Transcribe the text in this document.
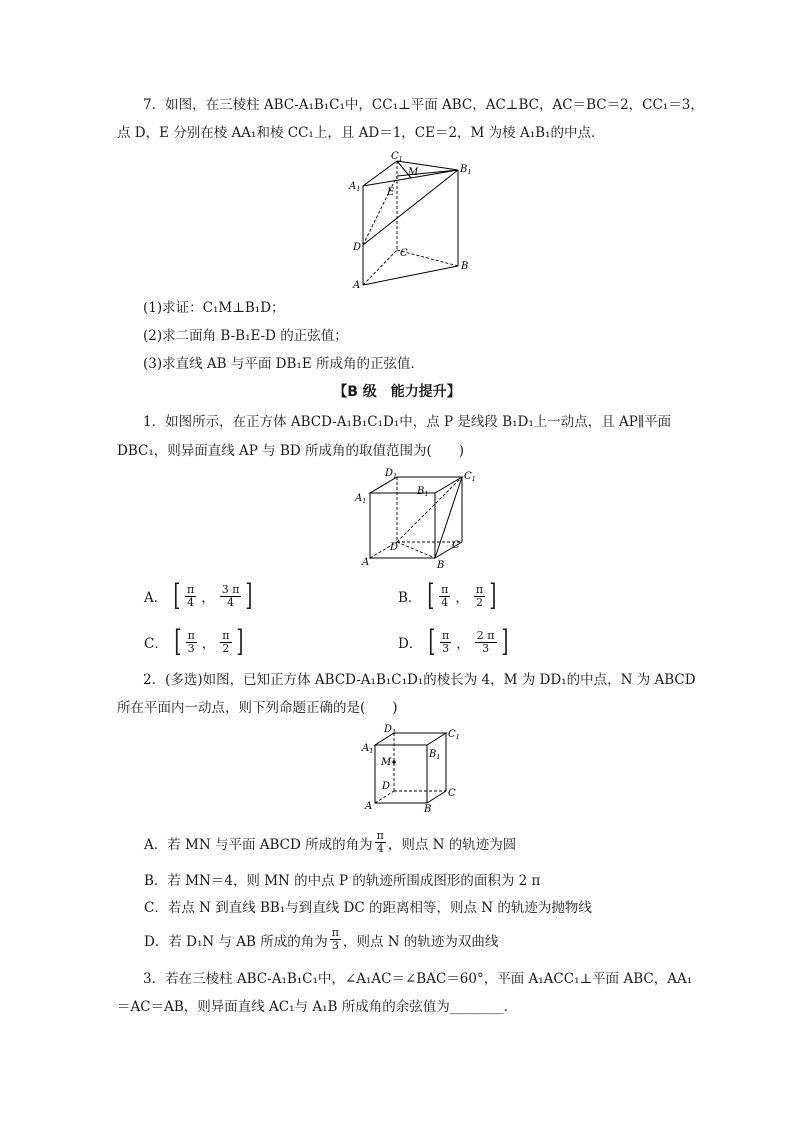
7．如图，在三棱柱 ABC-A₁B₁C₁中，CC₁⊥平面 ABC，AC⊥BC，AC＝BC＝2，CC₁＝3，
点 D，E 分别在棱 AA₁和棱 CC₁上，且 AD＝1，CE＝2，M 为棱 A₁B₁的中点．
$C_1$
$A_1$
$B_1$
M
E
D
C
B
A
(1)求证：C₁M⊥B₁D；
(2)求二面角 B-B₁E-D 的正弦值；
(3)求直线 AB 与平面 DB₁E 所成角的正弦值．
【B 级　能力提升】
1．如图所示，在正方体 ABCD-A₁B₁C₁D₁中，点 P 是线段 B₁D₁上一动点，且 AP∥平面
DBC₁，则异面直线 AP 与 BD 所成角的取值范围为(　　)
$D_1$	$C_1$
$A_1$
$B_1$
D	C
A	B
A． [ $\frac{\pi}{4}$ ， $\frac{3 \pi}{4}$ ]	B． [ $\frac{\pi}{4}$ ， $\frac{\pi}{2}$ ]
C． [ $\frac{\pi}{3}$ ， $\frac{\pi}{2}$ ]	D． [ $\frac{\pi}{3}$ ， $\frac{2 \pi}{3}$ ]
2．(多选)如图，已知正方体 ABCD-A₁B₁C₁D₁的棱长为 4，M 为 DD₁的中点，N 为 ABCD
所在平面内一动点，则下列命题正确的是(　　)
$D_1$	$C_1$
$A_1$	$B_1$
M
D
C
A	B
A．若 MN 与平面 ABCD 所成的角为 $\frac{\pi}{4}$ ，则点 N 的轨迹为圆
B．若 MN＝4，则 MN 的中点 P 的轨迹所围成图形的面积为 2 π
C．若点 N 到直线 BB₁与到直线 DC 的距离相等，则点 N 的轨迹为抛物线
D．若 D₁N 与 AB 所成的角为 $\frac{\pi}{3}$ ，则点 N 的轨迹为双曲线
3．若在三棱柱 ABC-A₁B₁C₁中，∠A₁AC＝∠BAC＝60°，平面 A₁ACC₁⊥平面 ABC，AA₁
＝AC＝AB，则异面直线 AC₁与 A₁B 所成角的余弦值为________．
